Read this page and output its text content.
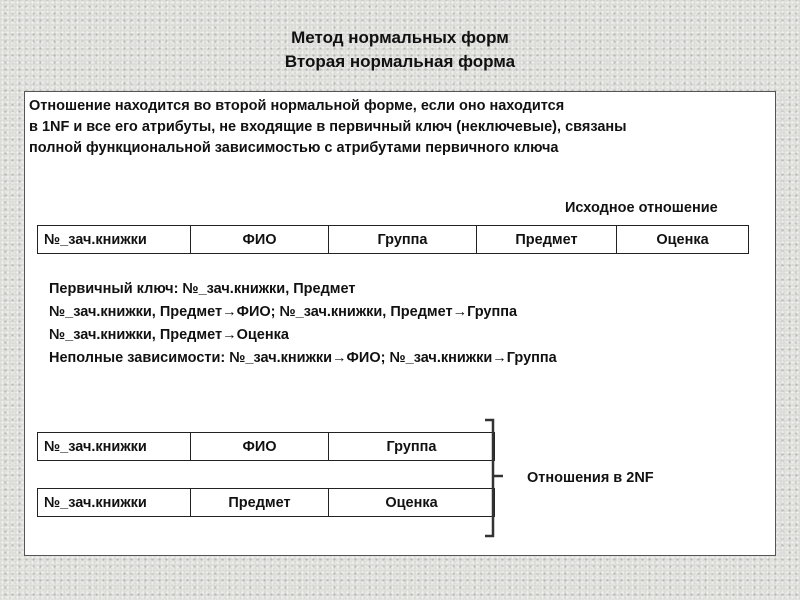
Метод нормальных форм
Вторая нормальная форма

Отношение находится во второй нормальной форме, если оно находится
в 1NF и все его атрибуты, не входящие в первичный ключ (неключевые), связаны
полной функциональной зависимостью с атрибутами первичного ключа

Исходное отношение

№_зач.книжки	ФИО	Группа	Предмет	Оценка

Первичный ключ: №_зач.книжки, Предмет
№_зач.книжки, Предмет→ФИО; №_зач.книжки, Предмет→Группа
№_зач.книжки, Предмет→Оценка
Неполные зависимости: №_зач.книжки→ФИО; №_зач.книжки→Группа

№_зач.книжки	ФИО	Группа
№_зач.книжки	Предмет	Оценка

Отношения в 2NF
